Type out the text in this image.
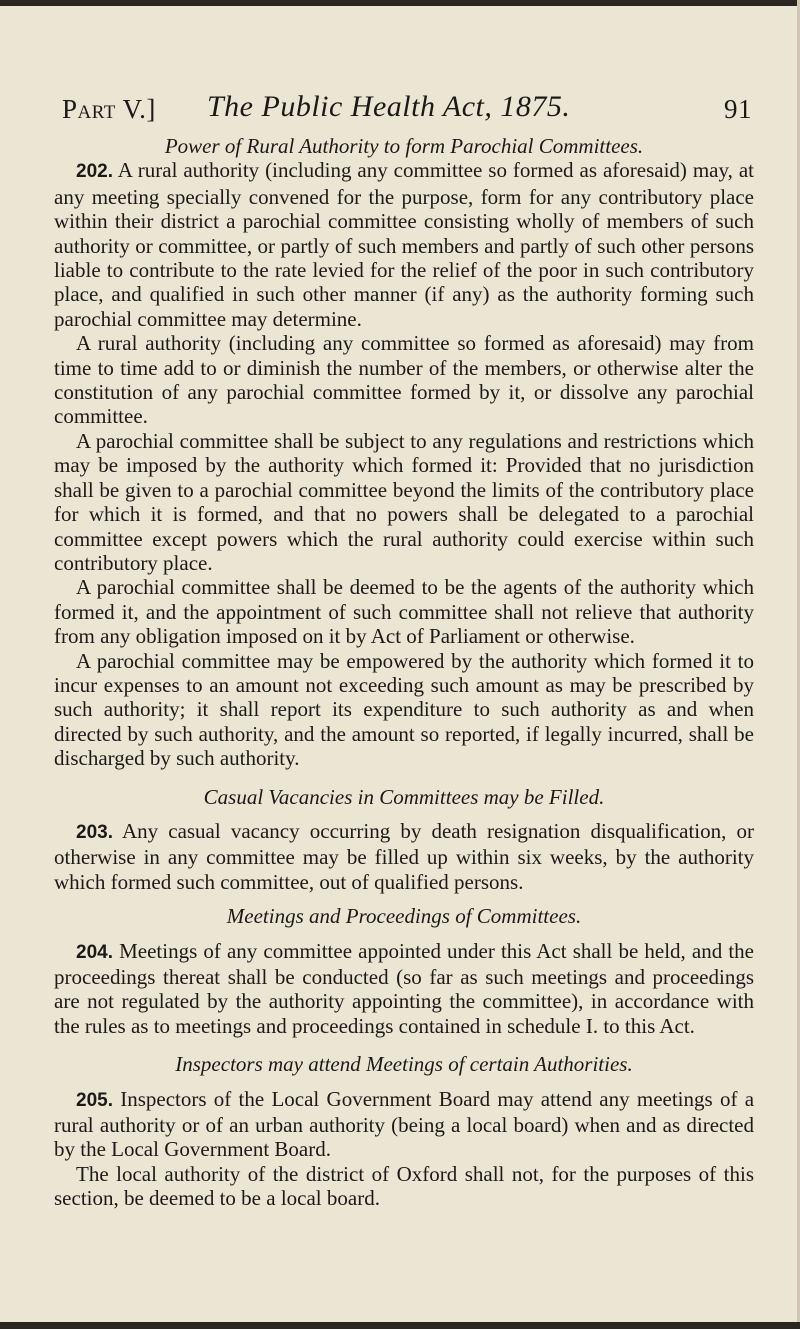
Part V.] The Public Health Act, 1875.	91

Power of Rural Authority to form Parochial Committees.

202. A rural authority (including any committee so formed as aforesaid) may, at any meeting specially convened for the purpose, form for any contributory place within their district a parochial committee consisting wholly of members of such authority or committee, or partly of such members and partly of such other persons liable to contribute to the rate levied for the relief of the poor in such contributory place, and qualified in such other manner (if any) as the authority forming such parochial committee may determine.

A rural authority (including any committee so formed as aforesaid) may from time to time add to or diminish the number of the members, or otherwise alter the constitution of any parochial committee formed by it, or dissolve any parochial committee.

A parochial committee shall be subject to any regulations and restrictions which may be imposed by the authority which formed it: Provided that no jurisdiction shall be given to a parochial committee beyond the limits of the contributory place for which it is formed, and that no powers shall be delegated to a parochial committee except powers which the rural authority could exercise within such contributory place.

A parochial committee shall be deemed to be the agents of the authority which formed it, and the appointment of such committee shall not relieve that authority from any obligation imposed on it by Act of Parliament or otherwise.

A parochial committee may be empowered by the authority which formed it to incur expenses to an amount not exceeding such amount as may be prescribed by such authority; it shall report its expenditure to such authority as and when directed by such authority, and the amount so reported, if legally incurred, shall be discharged by such authority.

Casual Vacancies in Committees may be Filled.

203. Any casual vacancy occurring by death resignation disqualification, or otherwise in any committee may be filled up within six weeks, by the authority which formed such committee, out of qualified persons.

Meetings and Proceedings of Committees.

204. Meetings of any committee appointed under this Act shall be held, and the proceedings thereat shall be conducted (so far as such meetings and proceedings are not regulated by the authority appointing the committee), in accordance with the rules as to meetings and proceedings contained in schedule I. to this Act.

Inspectors may attend Meetings of certain Authorities.

205. Inspectors of the Local Government Board may attend any meetings of a rural authority or of an urban authority (being a local board) when and as directed by the Local Government Board.

The local authority of the district of Oxford shall not, for the purposes of this section, be deemed to be a local board.
